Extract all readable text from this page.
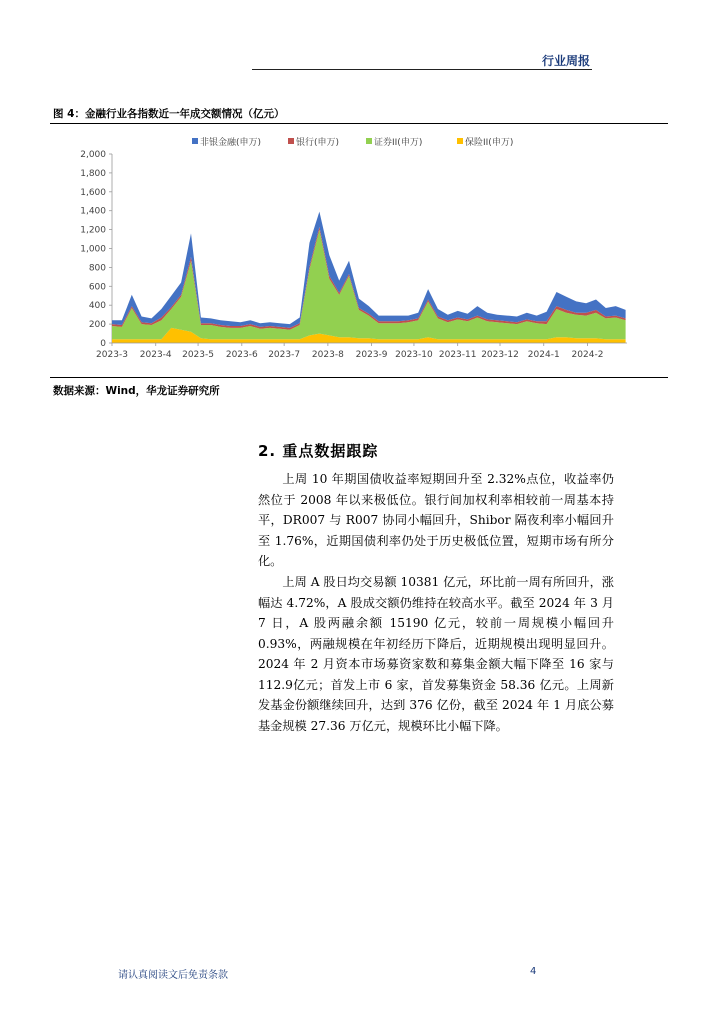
行业周报
图 4：金融行业各指数近一年成交额情况（亿元）
非银金融(申万)	银行(申万)	证券II(申万)	保险II(申万)
0
200
400
600
800
1,000
1,200
1,400
1,600
1,800
2,000
2023-3 2023-4 2023-5 2023-6 2023-7 2023-8 2023-9 2023-10 2023-11 2023-12 2024-1 2024-2
数据来源：Wind，华龙证券研究所
2. 重点数据跟踪
上周 10 年期国债收益率短期回升至 2.32%点位，收益率仍然位于 2008 年以来极低位。银行间加权利率相较前一周基本持平，DR007 与 R007 协同小幅回升，Shibor 隔夜利率小幅回升至 1.76%，近期国债利率仍处于历史极低位置，短期市场有所分化。
上周 A 股日均交易额 10381 亿元，环比前一周有所回升，涨幅达 4.72%，A 股成交额仍维持在较高水平。截至 2024 年 3 月 7 日，A 股两融余额 15190 亿元，较前一周规模小幅回升 0.93%，两融规模在年初经历下降后，近期规模出现明显回升。2024 年 2 月资本市场募资家数和募集金额大幅下降至 16 家与 112.9亿元；首发上市 6 家，首发募集资金 58.36 亿元。上周新发基金份额继续回升，达到 376 亿份，截至 2024 年 1 月底公募基金规模 27.36 万亿元，规模环比小幅下降。
请认真阅读文后免责条款	4
